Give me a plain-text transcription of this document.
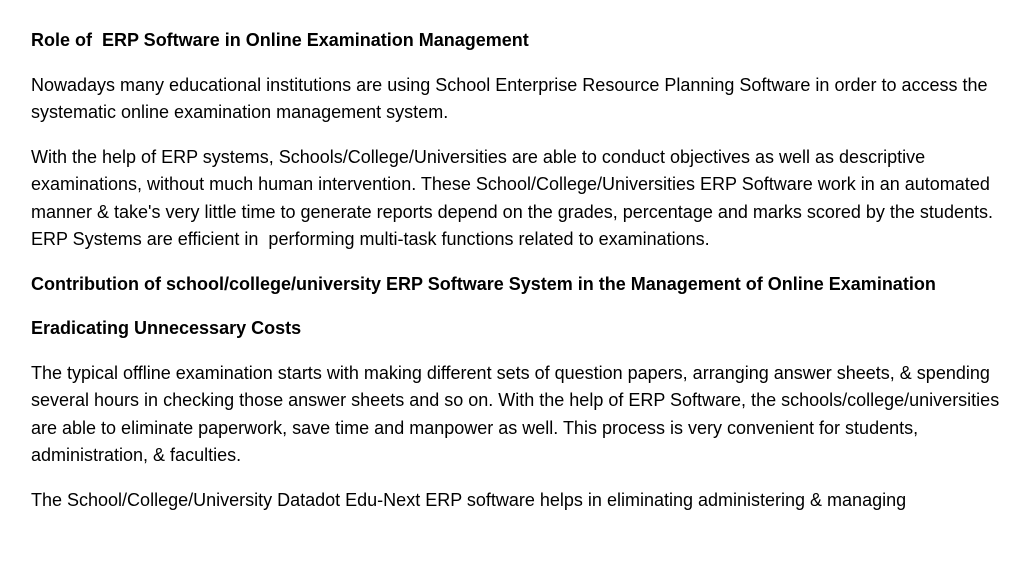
Role of  ERP Software in Online Examination Management

Nowadays many educational institutions are using School Enterprise Resource Planning Software in order to access the systematic online examination management system.

With the help of ERP systems, Schools/College/Universities are able to conduct objectives as well as descriptive examinations, without much human intervention. These School/College/Universities ERP Software work in an automated manner & take's very little time to generate reports depend on the grades, percentage and marks scored by the students. ERP Systems are efficient in  performing multi-task functions related to examinations.

Contribution of school/college/university ERP Software System in the Management of Online Examination

Eradicating Unnecessary Costs

The typical offline examination starts with making different sets of question papers, arranging answer sheets, & spending several hours in checking those answer sheets and so on. With the help of ERP Software, the schools/college/universities are able to eliminate paperwork, save time and manpower as well. This process is very convenient for students, administration, & faculties.

The School/College/University Datadot Edu-Next ERP software helps in eliminating administering & managing
